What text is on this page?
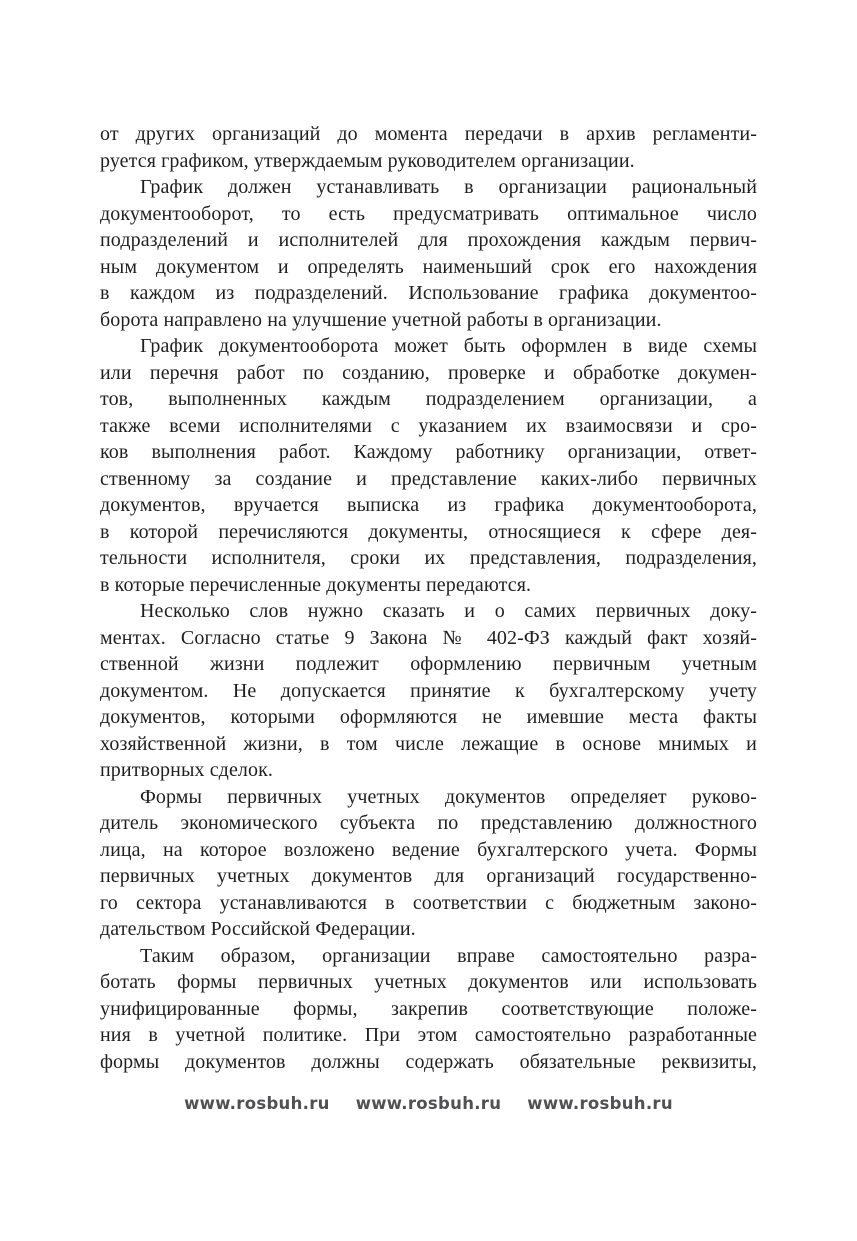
от других организаций до момента передачи в архив регламенти-
руется графиком, утверждаемым руководителем организации.

График должен устанавливать в организации рациональный
документооборот, то есть предусматривать оптимальное число
подразделений и исполнителей для прохождения каждым первич-
ным документом и определять наименьший срок его нахождения
в каждом из подразделений. Использование графика документоо-
борота направлено на улучшение учетной работы в организации.

График документооборота может быть оформлен в виде схемы
или перечня работ по созданию, проверке и обработке докумен-
тов, выполненных каждым подразделением организации, а
также всеми исполнителями с указанием их взаимосвязи и сро-
ков выполнения работ. Каждому работнику организации, ответ-
ственному за создание и представление каких-либо первичных
документов, вручается выписка из графика документооборота,
в которой перечисляются документы, относящиеся к сфере дея-
тельности исполнителя, сроки их представления, подразделения,
в которые перечисленные документы передаются.

Несколько слов нужно сказать и о самих первичных доку-
ментах. Согласно статье 9 Закона № 402-ФЗ каждый факт хозяй-
ственной жизни подлежит оформлению первичным учетным
документом. Не допускается принятие к бухгалтерскому учету
документов, которыми оформляются не имевшие места факты
хозяйственной жизни, в том числе лежащие в основе мнимых и
притворных сделок.

Формы первичных учетных документов определяет руково-
дитель экономического субъекта по представлению должностного
лица, на которое возложено ведение бухгалтерского учета. Формы
первичных учетных документов для организаций государственно-
го сектора устанавливаются в соответствии с бюджетным законо-
дательством Российской Федерации.

Таким образом, организации вправе самостоятельно разра-
ботать формы первичных учетных документов или использовать
унифицированные формы, закрепив соответствующие положе-
ния в учетной политике. При этом самостоятельно разработанные
формы документов должны содержать обязательные реквизиты,

www.rosbuh.ru www.rosbuh.ru www.rosbuh.ru
